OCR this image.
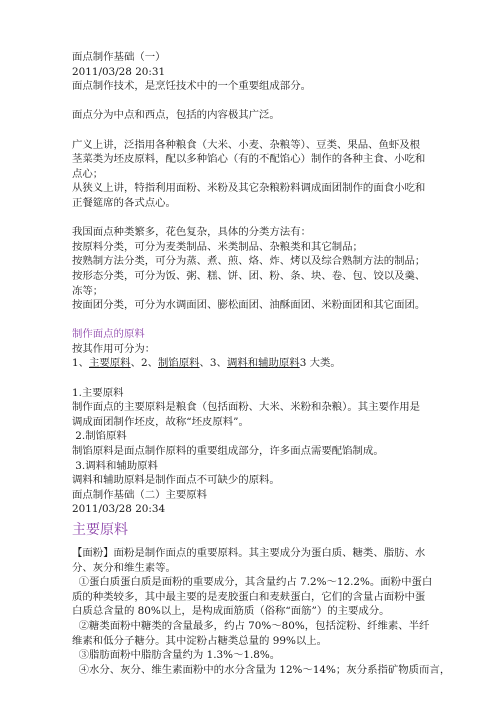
面点制作基础（一）
2011/03/28 20:31
面点制作技术，是烹饪技术中的一个重要组成部分。
面点分为中点和西点，包括的内容极其广泛。
广义上讲，泛指用各种粮食（大米、小麦、杂粮等）、豆类、果品、鱼虾及根
茎菜类为坯皮原料，配以多种馅心（有的不配馅心）制作的各种主食、小吃和
点心；
从狭义上讲，特指利用面粉、米粉及其它杂粮粉料调成面团制作的面食小吃和
正餐筵席的各式点心。
我国面点种类繁多，花色复杂，具体的分类方法有：
按原料分类，可分为麦类制品、米类制品、杂粮类和其它制品；
按熟制方法分类，可分为蒸、煮、煎、烙、炸、烤以及综合熟制方法的制品；
按形态分类，可分为饭、粥、糕、饼、团、粉、条、块、卷、包、饺以及羹、
冻等；
按面团分类，可分为水调面团、膨松面团、油酥面团、米粉面团和其它面团。
制作面点的原料
按其作用可分为：
1、主要原料、2、制馅原料、3、调料和辅助原料3 大类。
1.主要原料
制作面点的主要原料是粮食（包括面粉、大米、米粉和杂粮）。其主要作用是
调成面团制作坯皮，故称“坯皮原料”。
2.制馅原料
制馅原料是面点制作原料的重要组成部分，许多面点需要配馅制成。
3.调料和辅助原料
调料和辅助原料是制作面点不可缺少的原料。
面点制作基础（二）主要原料
2011/03/28 20:34
主要原料
【面粉】面粉是制作面点的重要原料。其主要成分为蛋白质、糖类、脂肪、水
分、灰分和维生素等。
①蛋白质蛋白质是面粉的重要成分，其含量约占 7.2%～12.2%。面粉中蛋白
质的种类较多，其中最主要的是麦胶蛋白和麦麸蛋白，它们的含量占面粉中蛋
白质总含量的 80%以上，是构成面筋质（俗称“面筋”）的主要成分。
②糖类面粉中糖类的含量最多，约占 70%～80%，包括淀粉、纤维素、半纤
维素和低分子糖分。其中淀粉占糖类总量的 99%以上。
③脂肪面粉中脂肪含量约为 1.3%～1.8%。
④水分、灰分、维生素面粉中的水分含量为 12%～14%；灰分系指矿物质而言，
